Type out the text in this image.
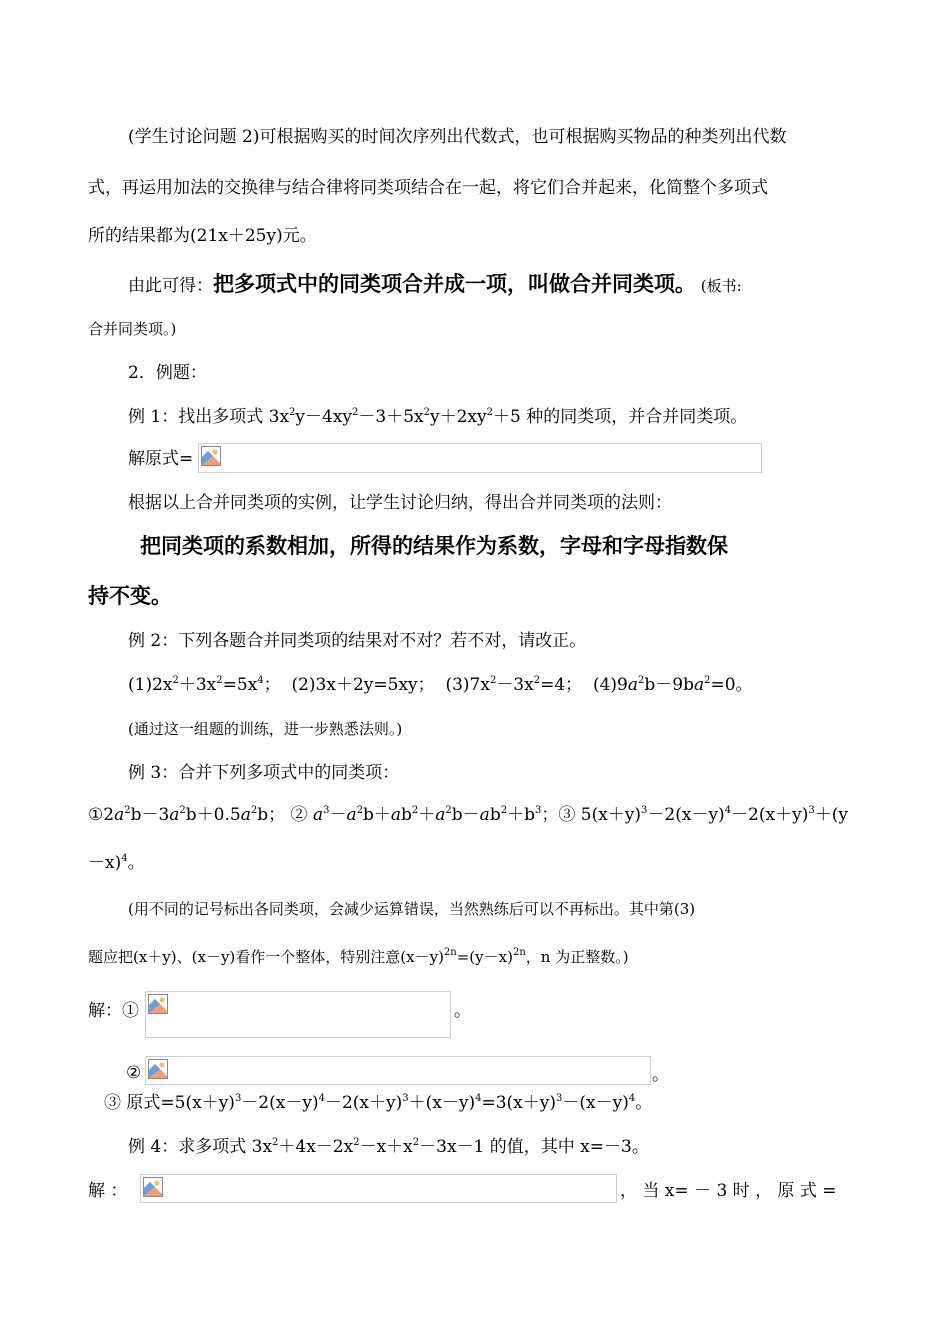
(学生讨论问题 2)可根据购买的时间次序列出代数式，也可根据购买物品的种类列出代数
式，再运用加法的交换律与结合律将同类项结合在一起，将它们合并起来，化简整个多项式
所的结果都为(21x＋25y)元。
由此可得：把多项式中的同类项合并成一项，叫做合并同类项。 (板书:
合并同类项。)
2．例题：
例 1：找出多项式 $3x^2y-4xy^2-3+5x^2y+2xy^2+5$ 种的同类项，并合并同类项。
解原式=
根据以上合并同类项的实例，让学生讨论归纳，得出合并同类项的法则：
把同类项的系数相加，所得的结果作为系数，字母和字母指数保
持不变。
例 2：下列各题合并同类项的结果对不对？若不对，请改正。
$(1)2x^2+3x^2=5x^4$；  (2)3x＋2y=5xy；  $(3)7x^2-3x^2=4$；  $(4)9a^2b-9ba^2=0$。
(通过这一组题的训练，进一步熟悉法则。)
例 3：合并下列多项式中的同类项：
$①2a^2b-3a^2b+0.5a^2b$； ② $a^3-a^2b+ab^2+a^2b-ab^2+b^3$；③ $5(x+y)^3-2(x-y)^4-2(x+y)^3+(y$
－x)$^4$。
(用不同的记号标出各同类项，会减少运算错误，当然熟练后可以不再标出。其中第(3)
题应把(x＋y)、(x－y)看作一个整体，特别注意$(x-y)^{2n}=(y-x)^{2n}$，n 为正整数。)
解：①	。
②	。
③ 原式$=5(x+y)^3-2(x-y)^4-2(x+y)^3+(x-y)^4=3(x+y)^3-(x-y)^4$。
例 4：求多项式 $3x^2+4x-2x^2-x+x^2-3x-1$ 的值，其中 x=－3。
解 ：	， 当 x= － 3 时 ， 原 式 =
